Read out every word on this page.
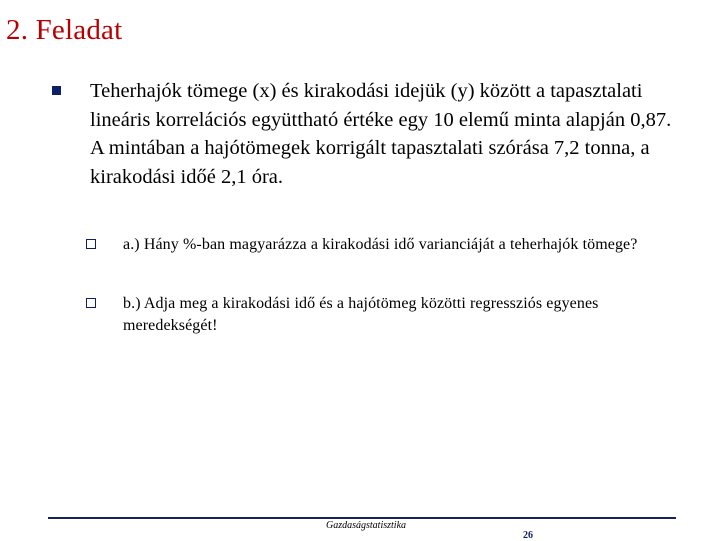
2. Feladat

Teherhajók tömege (x) és kirakodási idejük (y) között a tapasztalati lineáris korrelációs együttható értéke egy 10 elemű minta alapján 0,87. A mintában a hajótömegek korrigált tapasztalati szórása 7,2 tonna, a kirakodási időé 2,1 óra.

a.) Hány %-ban magyarázza a kirakodási idő varianciáját a teherhajók tömege?

b.) Adja meg a kirakodási idő és a hajótömeg közötti regressziós egyenes meredekségét!

Gazdaságstatisztika
26
